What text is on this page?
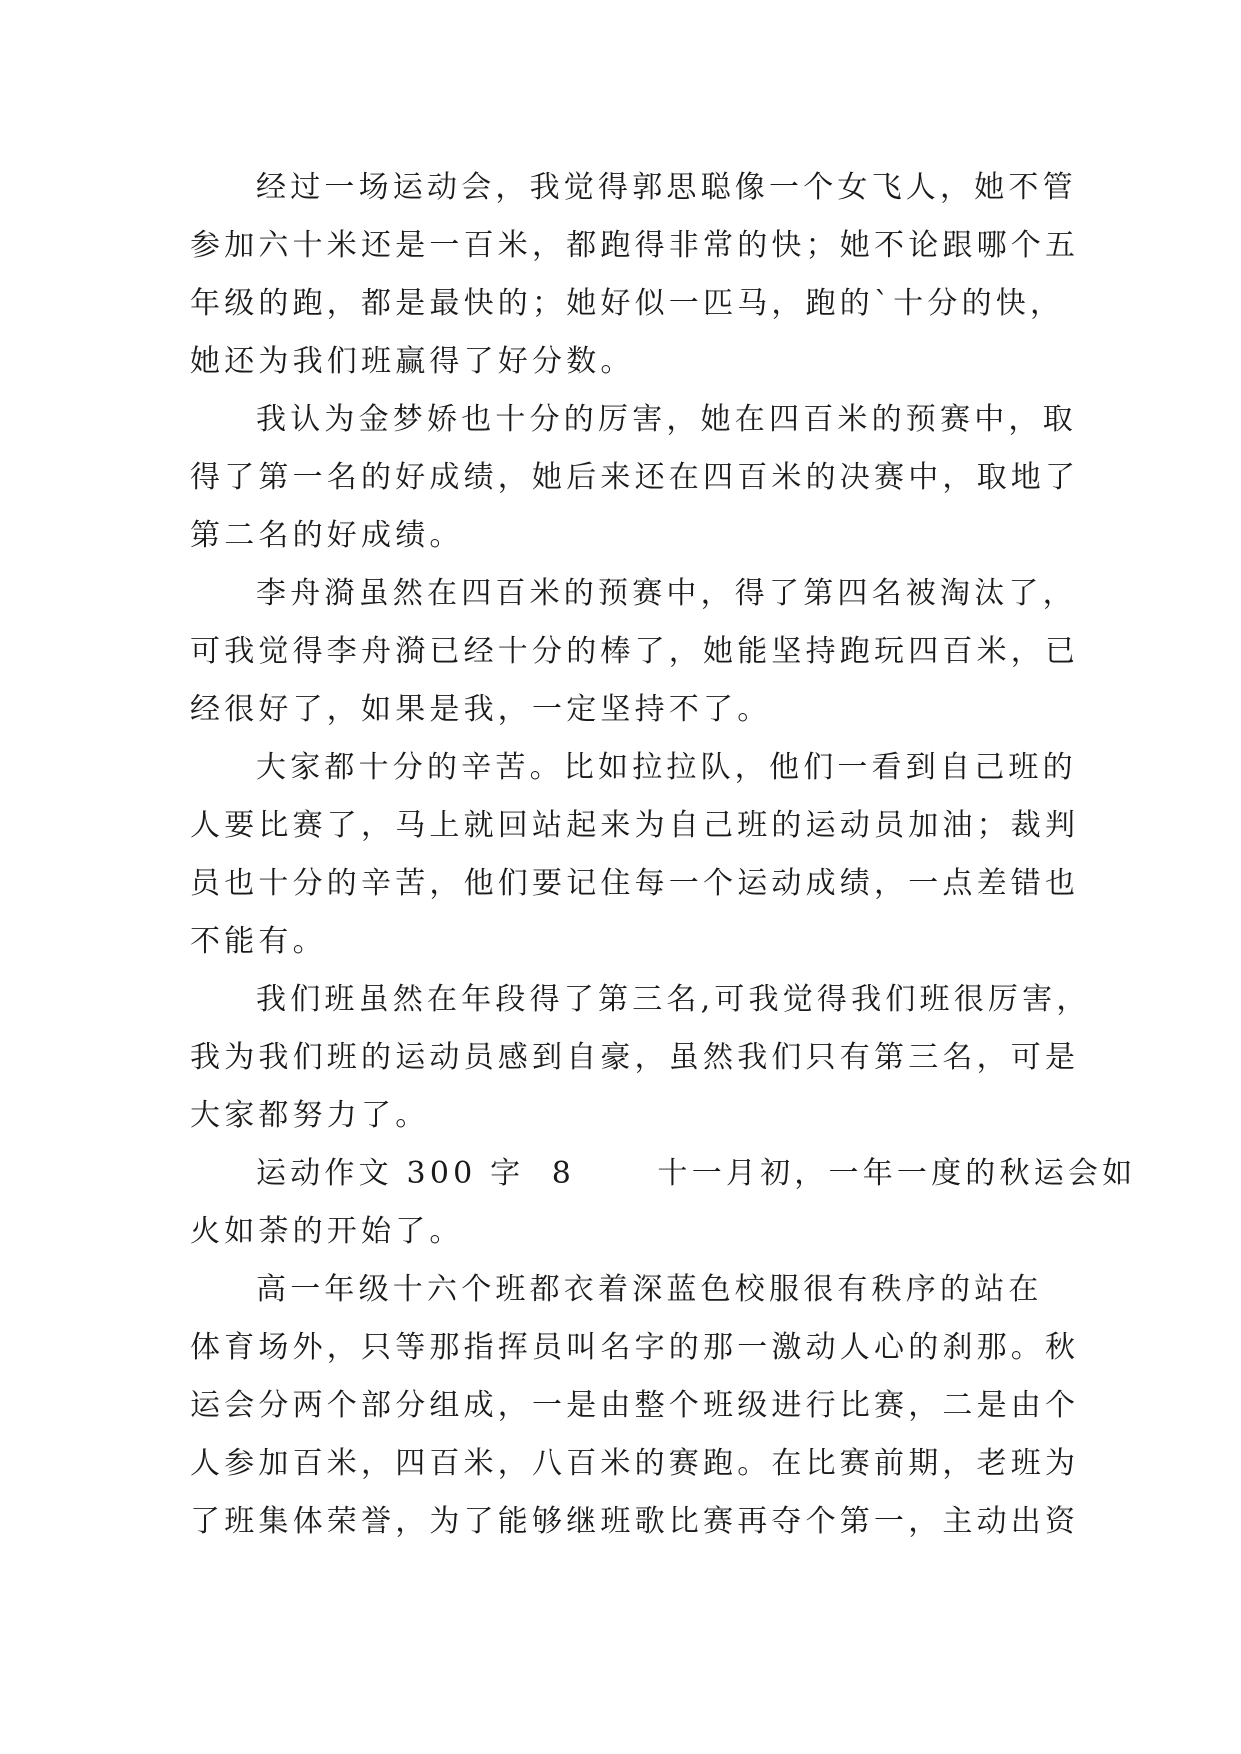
经过一场运动会，我觉得郭思聪像一个女飞人，她不管
参加六十米还是一百米，都跑得非常的快；她不论跟哪个五
年级的跑，都是最快的；她好似一匹马，跑的`十分的快，
她还为我们班赢得了好分数。
我认为金梦娇也十分的厉害，她在四百米的预赛中，取
得了第一名的好成绩，她后来还在四百米的决赛中，取地了
第二名的好成绩。
李舟漪虽然在四百米的预赛中，得了第四名被淘汰了，
可我觉得李舟漪已经十分的棒了，她能坚持跑玩四百米，已
经很好了，如果是我，一定坚持不了。
大家都十分的辛苦。比如拉拉队，他们一看到自己班的
人要比赛了，马上就回站起来为自己班的运动员加油；裁判
员也十分的辛苦，他们要记住每一个运动成绩，一点差错也
不能有。
我们班虽然在年段得了第三名,可我觉得我们班很厉害，
我为我们班的运动员感到自豪，虽然我们只有第三名，可是
大家都努力了。
运动作文 300 字  8      十一月初，一年一度的秋运会如
火如荼的开始了。
高一年级十六个班都衣着深蓝色校服很有秩序的站在
体育场外，只等那指挥员叫名字的那一激动人心的刹那。秋
运会分两个部分组成，一是由整个班级进行比赛，二是由个
人参加百米，四百米，八百米的赛跑。在比赛前期，老班为
了班集体荣誉，为了能够继班歌比赛再夺个第一，主动出资
